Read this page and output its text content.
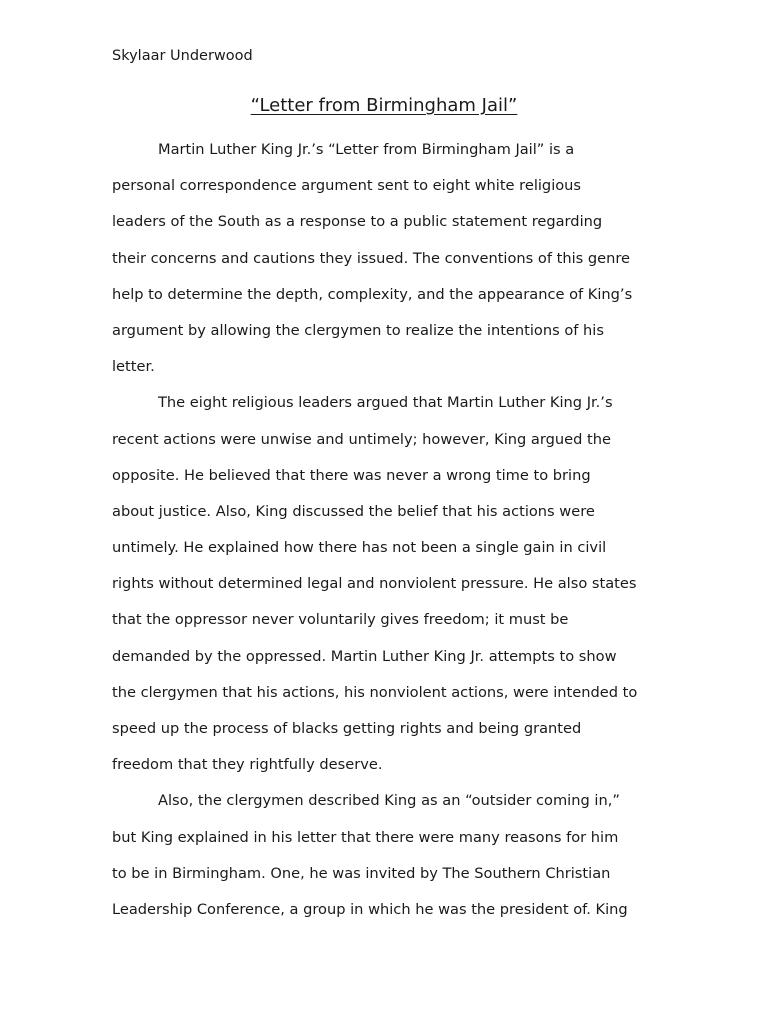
Skylaar Underwood
“Letter from Birmingham Jail”
Martin Luther King Jr.’s “Letter from Birmingham Jail” is a
personal correspondence argument sent to eight white religious
leaders of the South as a response to a public statement regarding
their concerns and cautions they issued. The conventions of this genre
help to determine the depth, complexity, and the appearance of King’s
argument by allowing the clergymen to realize the intentions of his
letter.
The eight religious leaders argued that Martin Luther King Jr.’s
recent actions were unwise and untimely; however, King argued the
opposite. He believed that there was never a wrong time to bring
about justice. Also, King discussed the belief that his actions were
untimely. He explained how there has not been a single gain in civil
rights without determined legal and nonviolent pressure. He also states
that the oppressor never voluntarily gives freedom; it must be
demanded by the oppressed. Martin Luther King Jr. attempts to show
the clergymen that his actions, his nonviolent actions, were intended to
speed up the process of blacks getting rights and being granted
freedom that they rightfully deserve.
Also, the clergymen described King as an “outsider coming in,”
but King explained in his letter that there were many reasons for him
to be in Birmingham. One, he was invited by The Southern Christian
Leadership Conference, a group in which he was the president of. King
